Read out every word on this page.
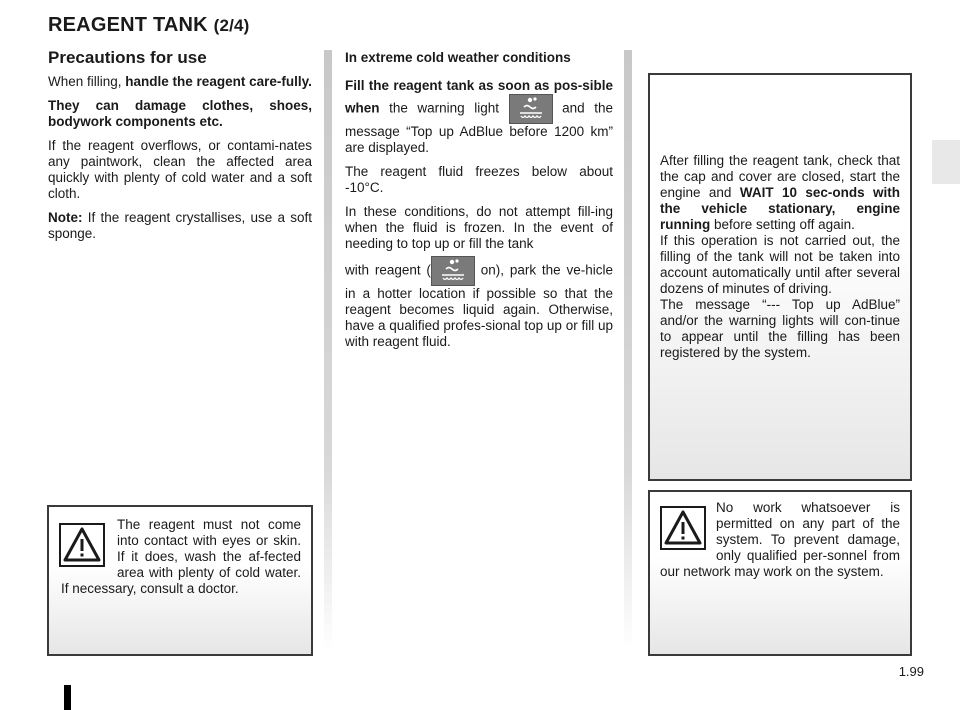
REAGENT TANK (2/4)
Precautions for use

When filling, handle the reagent care-fully.

They can damage clothes, shoes, bodywork components etc.

If the reagent overflows, or contami-nates any paintwork, clean the affected area quickly with plenty of cold water and a soft cloth.

Note: If the reagent crystallises, use a soft sponge.

In extreme cold weather conditions

Fill the reagent tank as soon as pos-sible when the warning light	and the message “Top up AdBlue before 1200 km” are displayed.

The reagent fluid freezes below about -10°C.

In these conditions, do not attempt fill-ing when the fluid is frozen. In the event of needing to top up or fill the tank

with reagent (	on), park the ve-hicle in a hotter location if possible so that the reagent becomes liquid again. Otherwise, have a qualified profes-sional top up or fill up with reagent fluid.

After filling the reagent tank, check that the cap and cover are closed, start the engine and WAIT 10 sec-onds with the vehicle stationary, engine running before setting off again.
If this operation is not carried out, the filling of the tank will not be taken into account automatically until after several dozens of minutes of driving.
The message “--- Top up AdBlue” and/or the warning lights will con-tinue to appear until the filling has been registered by the system.
The reagent must not come into contact with eyes or skin. If it does, wash the af-fected area with plenty of cold water. If necessary, consult a doctor.
No work whatsoever is permitted on any part of the system. To prevent damage, only qualified per-sonnel from our network may work on the system.
1.99
